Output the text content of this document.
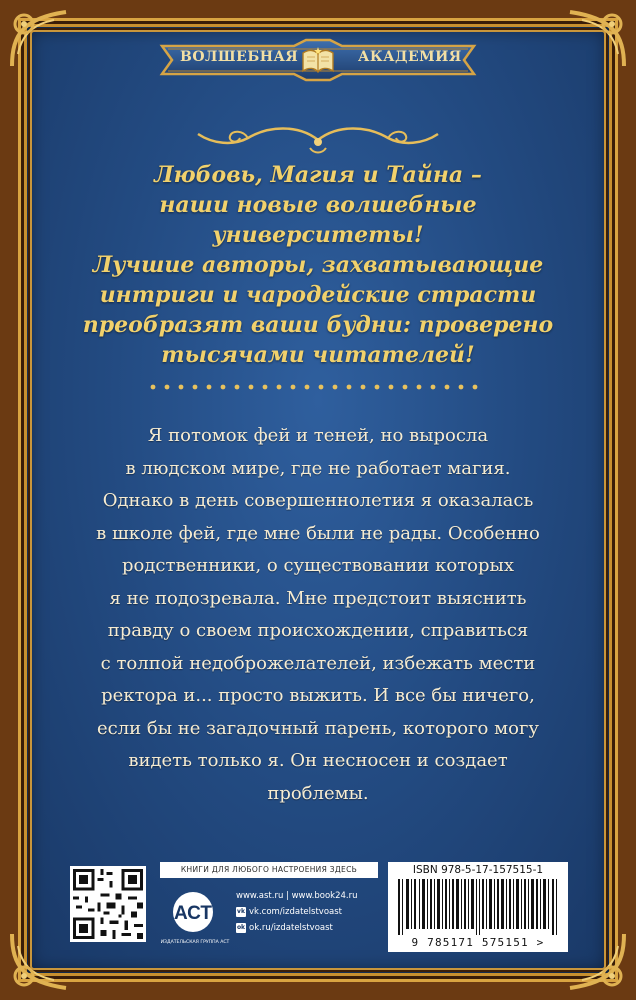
ВОЛШЕБНАЯ	АКАДЕМИЯ

Любовь, Магия и Тайна –
наши новые волшебные университеты!
Лучшие авторы, захватывающие
интриги и чародейские страсти
преобразят ваши будни: проверено
тысячами читателей!

Я потомок фей и теней, но выросла
в людском мире, где не работает магия.
Однако в день совершеннолетия я оказалась
в школе фей, где мне были не рады. Особенно
родственники, о существовании которых
я не подозревала. Мне предстоит выяснить
правду о своем происхождении, справиться
с толпой недоброжелателей, избежать мести
ректора и... просто выжить. И все бы ничего,
если бы не загадочный парень, которого могу
видеть только я. Он несносен и создает
проблемы.

КНИГИ ДЛЯ ЛЮБОГО НАСТРОЕНИЯ ЗДЕСЬ
АСТ
ИЗДАТЕЛЬСКАЯ ГРУППА АСТ
www.ast.ru | www.book24.ru
vk vk.com/izdatelstvoast
ok ok.ru/izdatelstvoast
ISBN 978-5-17-157515-1
9 785171 575151 >
